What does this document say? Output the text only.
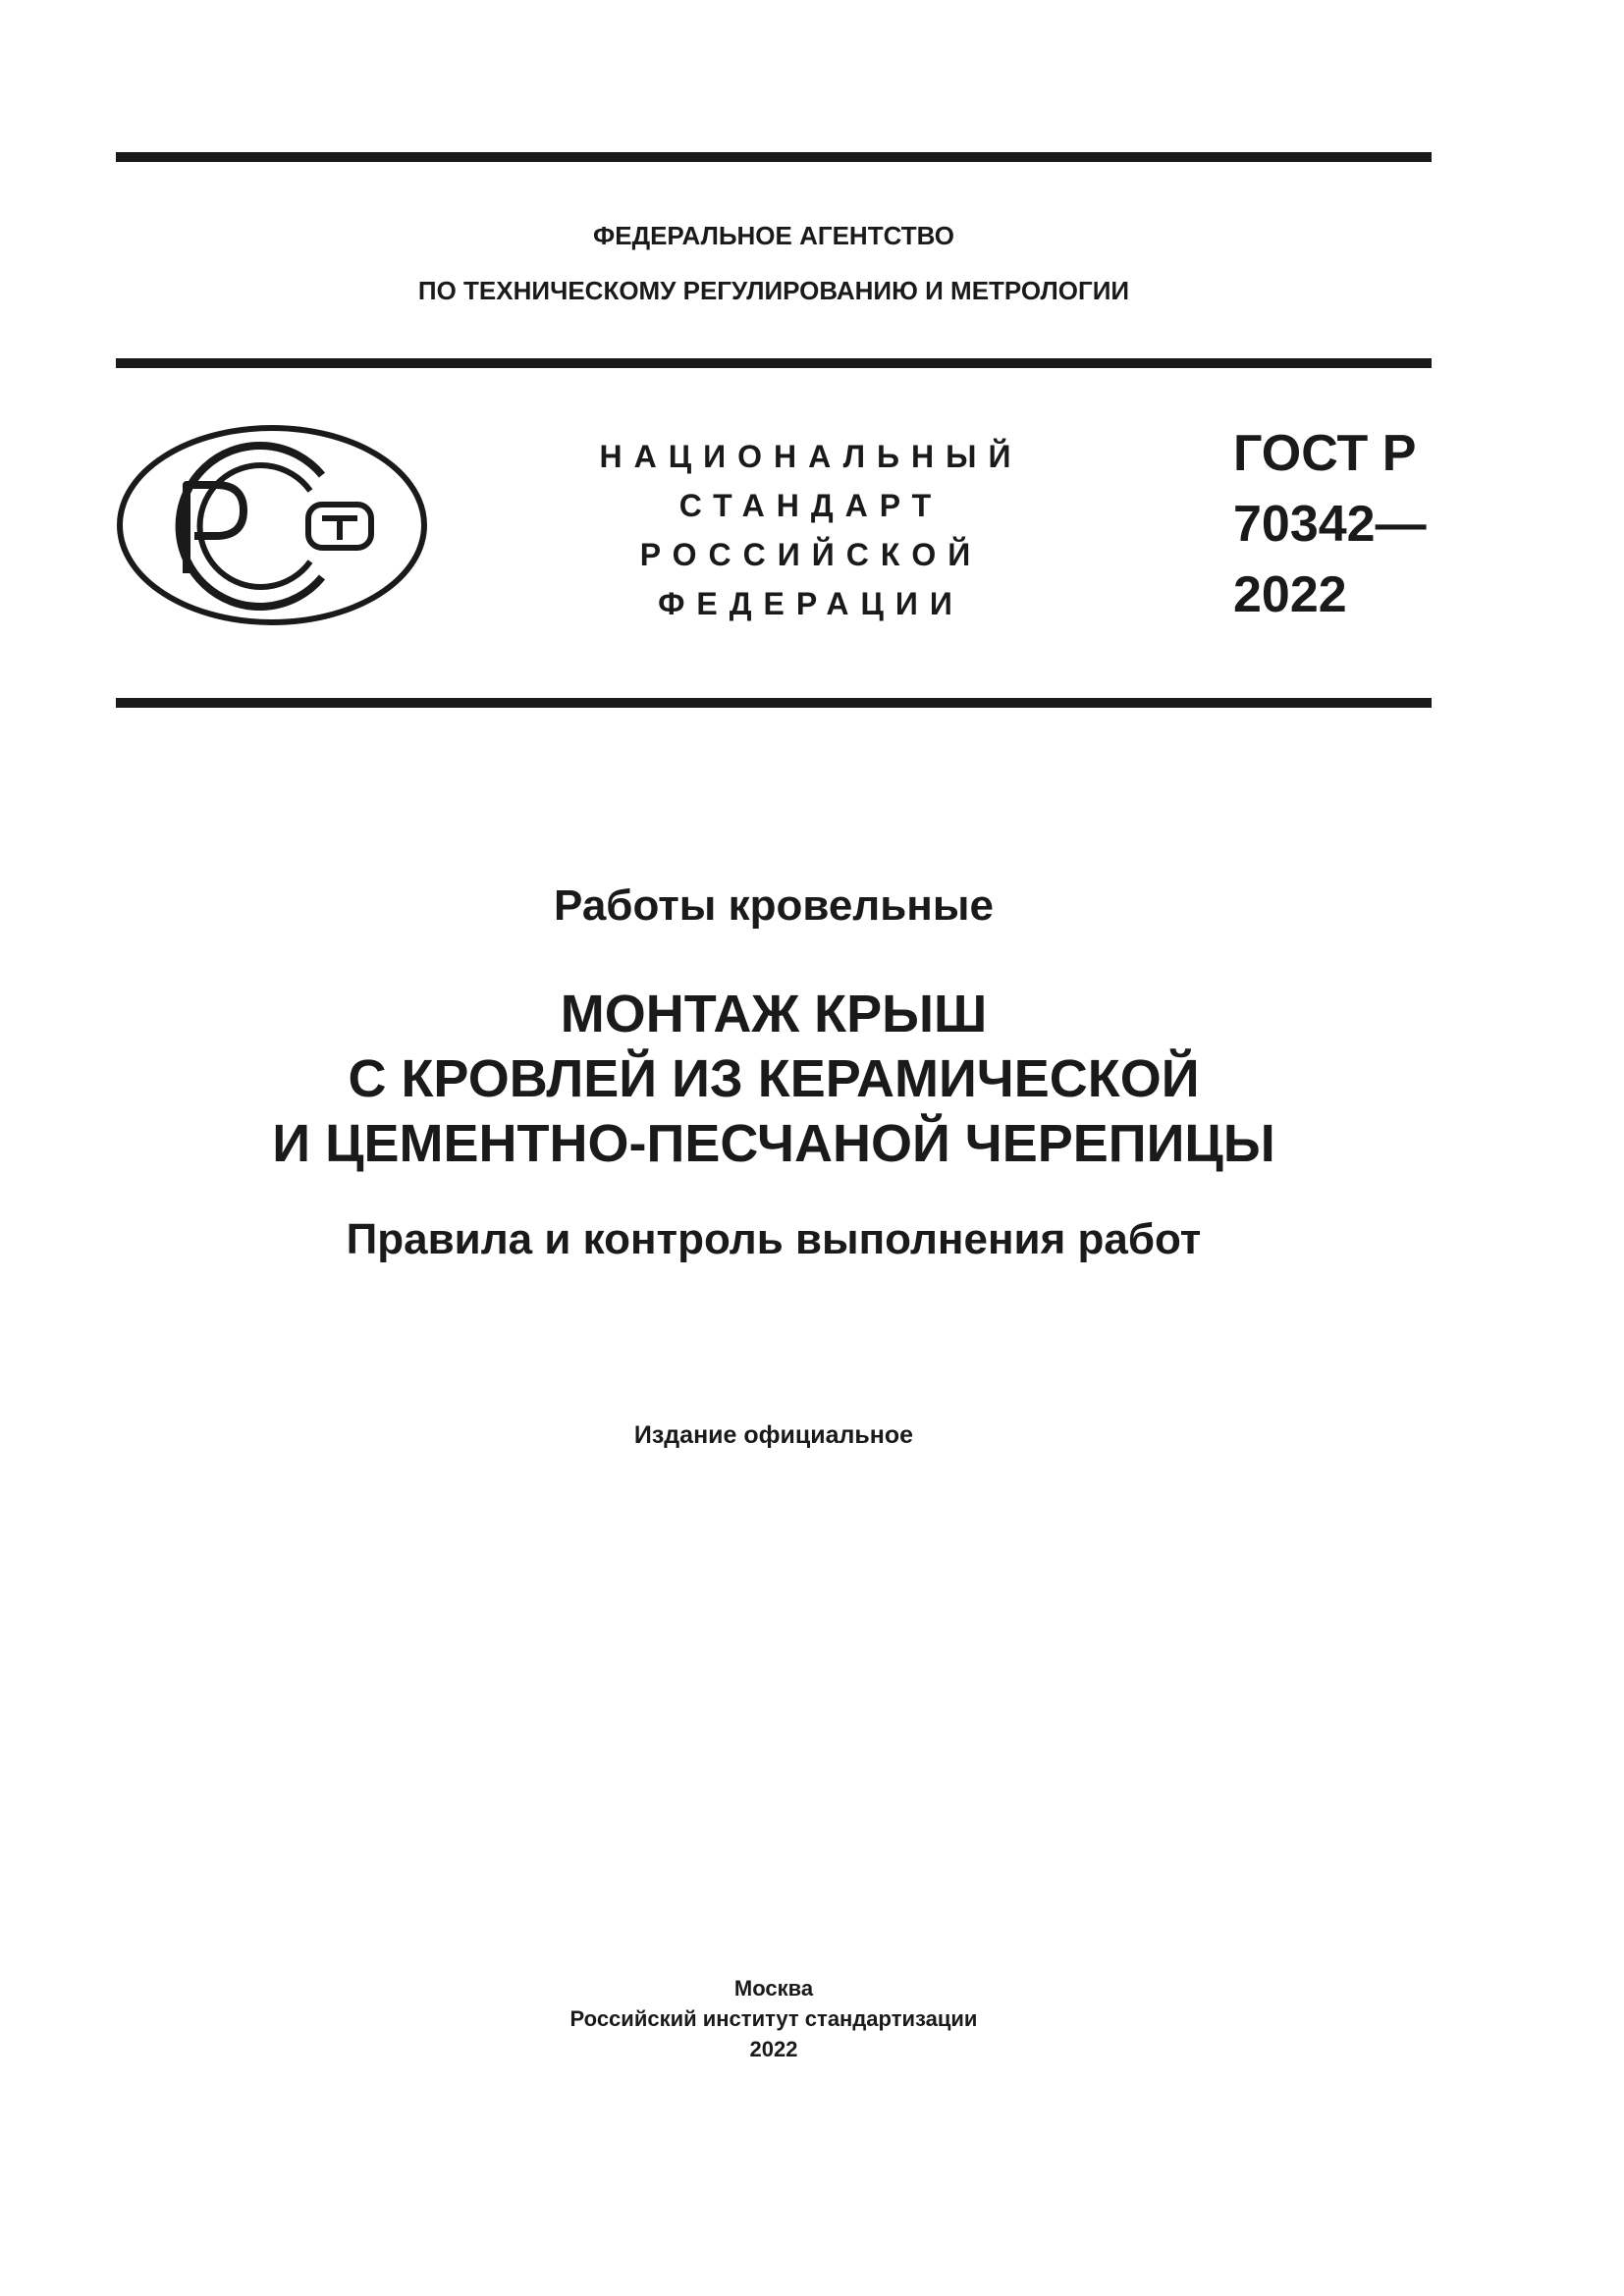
ФЕДЕРАЛЬНОЕ АГЕНТСТВО
ПО ТЕХНИЧЕСКОМУ РЕГУЛИРОВАНИЮ И МЕТРОЛОГИИ
НАЦИОНАЛЬНЫЙ
СТАНДАРТ
РОССИЙСКОЙ
ФЕДЕРАЦИИ
ГОСТ Р
70342—
2022
Работы кровельные
МОНТАЖ КРЫШ
С КРОВЛЕЙ ИЗ КЕРАМИЧЕСКОЙ
И ЦЕМЕНТНО-ПЕСЧАНОЙ ЧЕРЕПИЦЫ
Правила и контроль выполнения работ
Издание официальное
Москва
Российский институт стандартизации
2022
